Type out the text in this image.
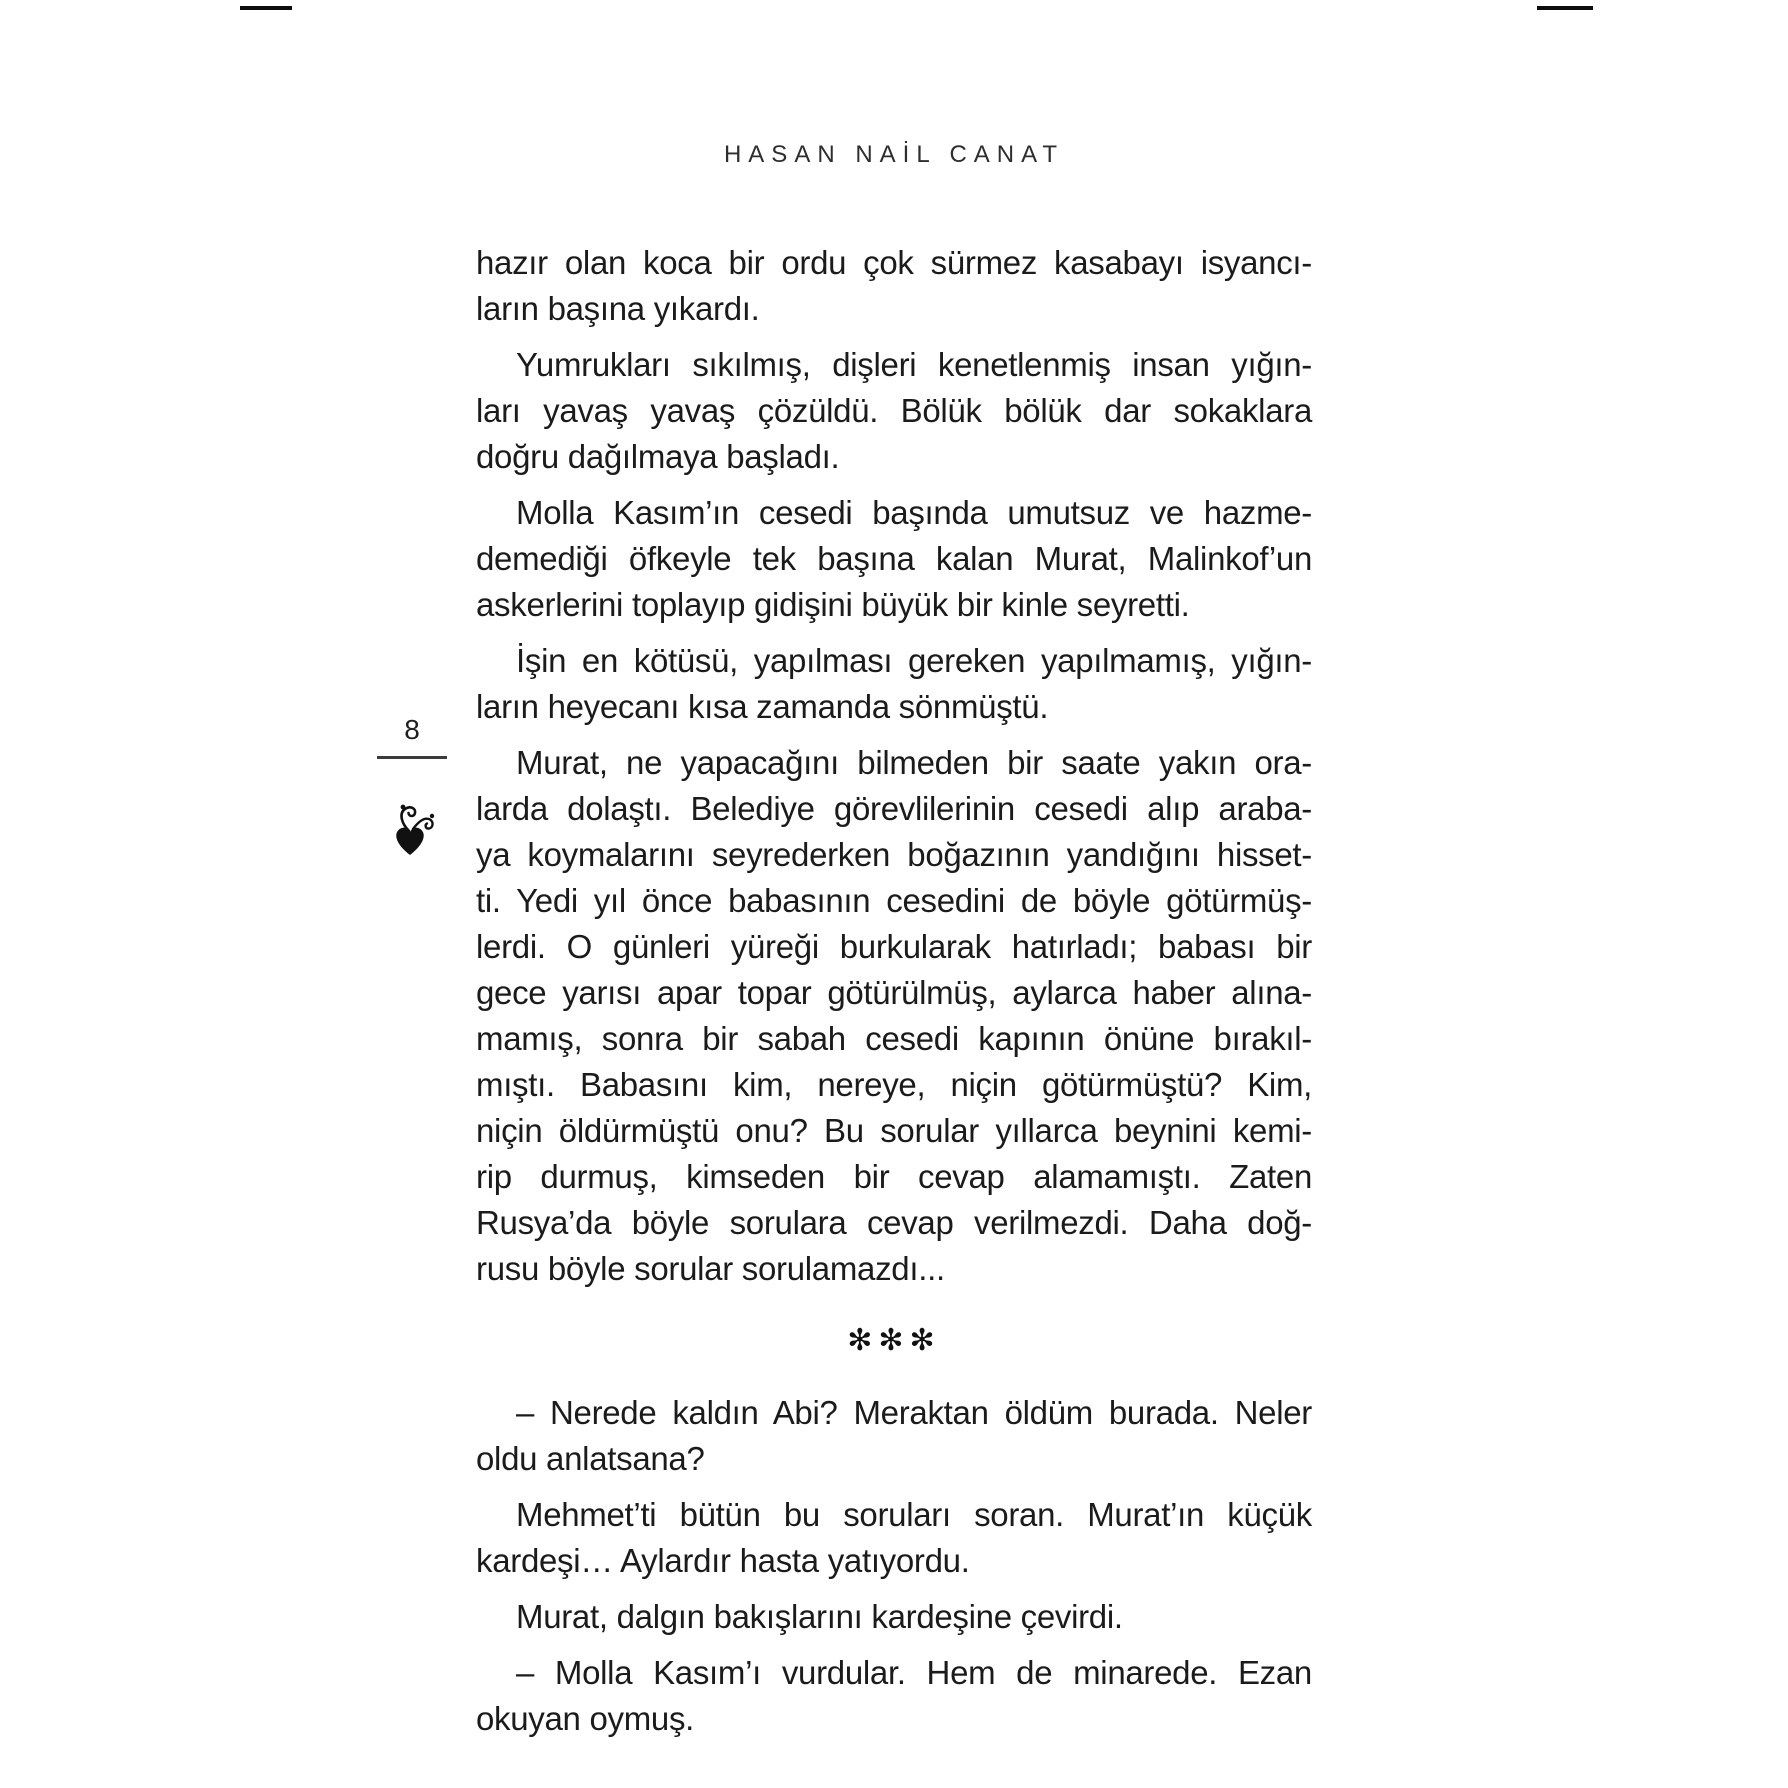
HASAN NAİL CANAT
8
hazır olan koca bir ordu çok sürmez kasabayı isyancı-
ların başına yıkardı.
Yumrukları sıkılmış, dişleri kenetlenmiş insan yığın-
ları yavaş yavaş çözüldü. Bölük bölük dar sokaklara
doğru dağılmaya başladı.
Molla Kasım’ın cesedi başında umutsuz ve hazme-
demediği öfkeyle tek başına kalan Murat, Malinkof’un
askerlerini toplayıp gidişini büyük bir kinle seyretti.
İşin en kötüsü, yapılması gereken yapılmamış, yığın-
ların heyecanı kısa zamanda sönmüştü.
Murat, ne yapacağını bilmeden bir saate yakın ora-
larda dolaştı. Belediye görevlilerinin cesedi alıp araba-
ya koymalarını seyrederken boğazının yandığını hisset-
ti. Yedi yıl önce babasının cesedini de böyle götürmüş-
lerdi. O günleri yüreği burkularak hatırladı; babası bir
gece yarısı apar topar götürülmüş, aylarca haber alına-
mamış, sonra bir sabah cesedi kapının önüne bırakıl-
mıştı. Babasını kim, nereye, niçin götürmüştü? Kim,
niçin öldürmüştü onu? Bu sorular yıllarca beynini kemi-
rip durmuş, kimseden bir cevap alamamıştı. Zaten
Rusya’da böyle sorulara cevap verilmezdi. Daha doğ-
rusu böyle sorular sorulamazdı...
✻✻✻
– Nerede kaldın Abi? Meraktan öldüm burada. Neler
oldu anlatsana?
Mehmet’ti bütün bu soruları soran. Murat’ın küçük
kardeşi… Aylardır hasta yatıyordu.
Murat, dalgın bakışlarını kardeşine çevirdi.
– Molla Kasım’ı vurdular. Hem de minarede. Ezan
okuyan oymuş.
